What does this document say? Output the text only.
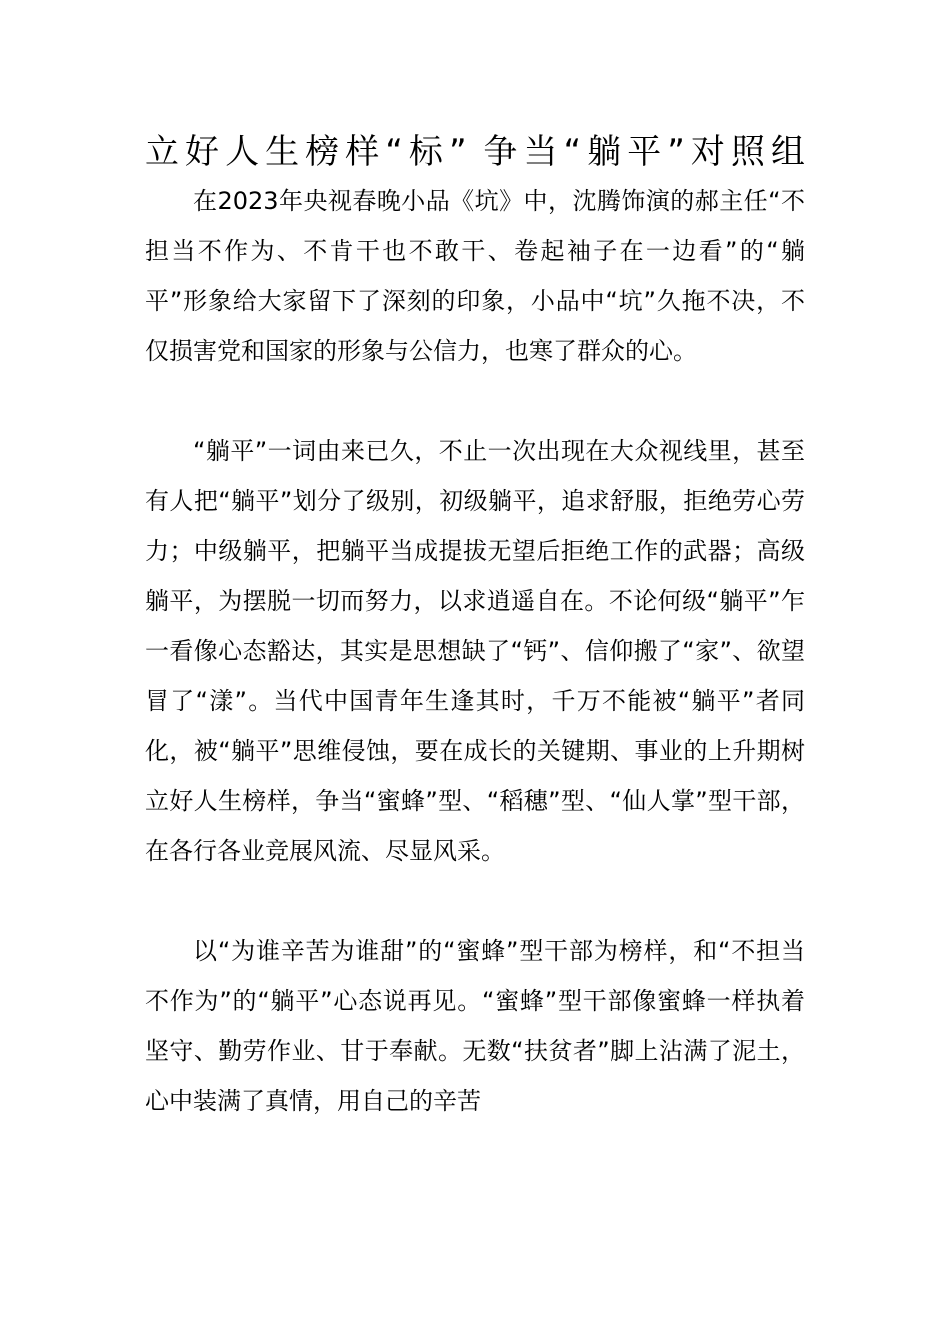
立好人生榜样“标” 争当“躺平”对照组

在2023年央视春晚小品《坑》中，沈腾饰演的郝主任“不担当不作为、不肯干也不敢干、卷起袖子在一边看”的“躺平”形象给大家留下了深刻的印象，小品中“坑”久拖不决，不仅损害党和国家的形象与公信力，也寒了群众的心。

“躺平”一词由来已久，不止一次出现在大众视线里，甚至有人把“躺平”划分了级别，初级躺平，追求舒服，拒绝劳心劳力；中级躺平，把躺平当成提拔无望后拒绝工作的武器；高级躺平，为摆脱一切而努力，以求逍遥自在。不论何级“躺平”乍一看像心态豁达，其实是思想缺了“钙”、信仰搬了“家”、欲望冒了“漾”。当代中国青年生逢其时，千万不能被“躺平”者同化，被“躺平”思维侵蚀，要在成长的关键期、事业的上升期树立好人生榜样，争当“蜜蜂”型、“稻穗”型、“仙人掌”型干部，在各行各业竞展风流、尽显风采。

以“为谁辛苦为谁甜”的“蜜蜂”型干部为榜样，和“不担当不作为”的“躺平”心态说再见。“蜜蜂”型干部像蜜蜂一样执着坚守、勤劳作业、甘于奉献。无数“扶贫者”脚上沾满了泥土，心中装满了真情，用自己的辛苦
